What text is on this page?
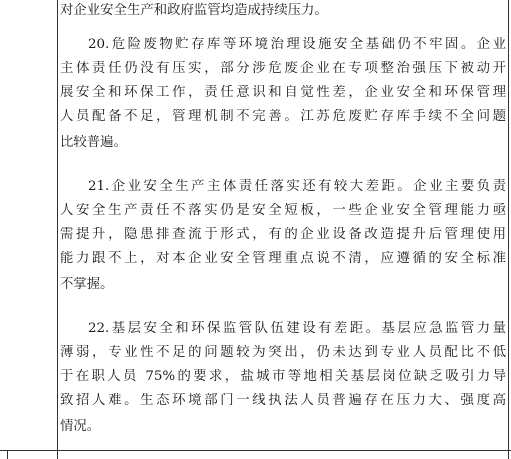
对企业安全生产和政府监管均造成持续压力。
20.危险废物贮存库等环境治理设施安全基础仍不牢固。企业
主体责任仍没有压实，部分涉危废企业在专项整治强压下被动开
展安全和环保工作，责任意识和自觉性差，企业安全和环保管理
人员配备不足，管理机制不完善。江苏危废贮存库手续不全问题
比较普遍。
21.企业安全生产主体责任落实还有较大差距。企业主要负责
人安全生产责任不落实仍是安全短板，一些企业安全管理能力亟
需提升，隐患排查流于形式，有的企业设备改造提升后管理使用
能力跟不上，对本企业安全管理重点说不清，应遵循的安全标准
不掌握。
22.基层安全和环保监管队伍建设有差距。基层应急监管力量
薄弱，专业性不足的问题较为突出，仍未达到专业人员配比不低
于在职人员 75%的要求，盐城市等地相关基层岗位缺乏吸引力导
致招人难。生态环境部门一线执法人员普遍存在压力大、强度高
情况。
